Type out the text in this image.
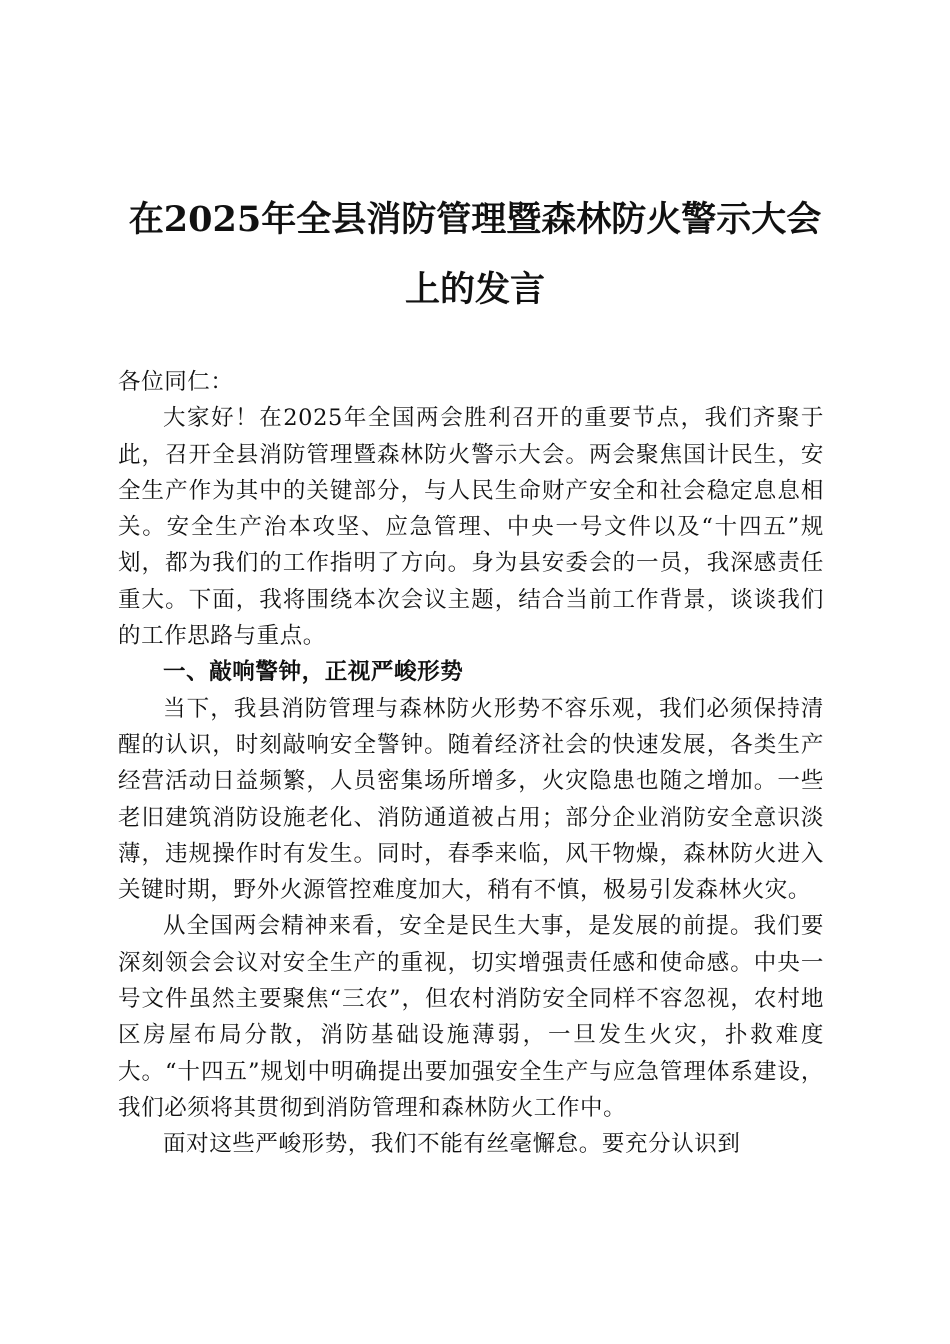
在2025年全县消防管理暨森林防火警示大会
上的发言

各位同仁：

大家好！在2025年全国两会胜利召开的重要节点，我们齐聚于此，召开全县消防管理暨森林防火警示大会。两会聚焦国计民生，安全生产作为其中的关键部分，与人民生命财产安全和社会稳定息息相关。安全生产治本攻坚、应急管理、中央一号文件以及“十四五”规划，都为我们的工作指明了方向。身为县安委会的一员，我深感责任重大。下面，我将围绕本次会议主题，结合当前工作背景，谈谈我们的工作思路与重点。

一、敲响警钟，正视严峻形势

当下，我县消防管理与森林防火形势不容乐观，我们必须保持清醒的认识，时刻敲响安全警钟。随着经济社会的快速发展，各类生产经营活动日益频繁，人员密集场所增多，火灾隐患也随之增加。一些老旧建筑消防设施老化、消防通道被占用；部分企业消防安全意识淡薄，违规操作时有发生。同时，春季来临，风干物燥，森林防火进入关键时期，野外火源管控难度加大，稍有不慎，极易引发森林火灾。

从全国两会精神来看，安全是民生大事，是发展的前提。我们要深刻领会会议对安全生产的重视，切实增强责任感和使命感。中央一号文件虽然主要聚焦“三农”，但农村消防安全同样不容忽视，农村地区房屋布局分散，消防基础设施薄弱，一旦发生火灾，扑救难度大。“十四五”规划中明确提出要加强安全生产与应急管理体系建设，我们必须将其贯彻到消防管理和森林防火工作中。

面对这些严峻形势，我们不能有丝毫懈怠。要充分认识到
